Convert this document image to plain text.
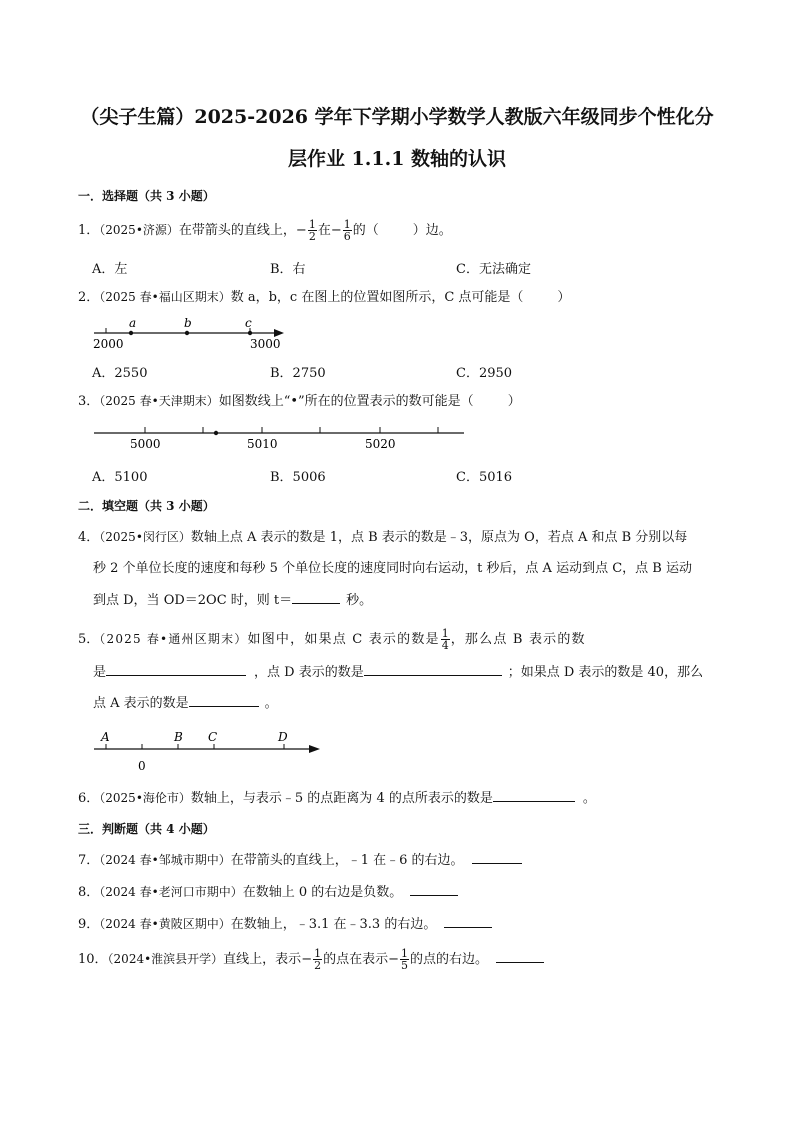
（尖子生篇）2025-2026 学年下学期小学数学人教版六年级同步个性化分
层作业 1.1.1 数轴的认识
一．选择题（共 3 小题）
1．（2025•济源）在带箭头的直线上，− $\frac{1}{2}$ 在− $\frac{1}{6}$ 的（	）边。
A．左	B．右	C．无法确定
2．（2025 春•福山区期末）数 a，b，c 在图上的位置如图所示，C 点可能是（	）
a	b	c
2000	3000
A．2550	B．2750	C．2950
3．（2025 春•天津期末）如图数线上“•”所在的位置表示的数可能是（	）
5000	5010	5020
A．5100	B．5006	C．5016
二．填空题（共 3 小题）
4．（2025•闵行区）数轴上点 A 表示的数是 1，点 B 表示的数是﹣3，原点为 O，若点 A 和点 B 分别以每
秒 2 个单位长度的速度和每秒 5 个单位长度的速度同时向右运动，t 秒后，点 A 运动到点 C，点 B 运动
到点 D，当 OD＝2OC 时，则 t＝	秒。
5．（2025 春•通州区期末）如图中，如果点 C 表示的数是 $\frac{1}{4}$ ，那么点 B 表示的数
是	，点 D 表示的数是	；如果点 D 表示的数是 40，那么
点 A 表示的数是	。
A	B C	D
0
6．（2025•海伦市）数轴上，与表示﹣5 的点距离为 4 的点所表示的数是	。
三．判断题（共 4 小题）
7．（2024 春•邹城市期中）在带箭头的直线上，﹣1 在﹣6 的右边。
8．（2024 春•老河口市期中）在数轴上 0 的右边是负数。
9．（2024 春•黄陂区期中）在数轴上，﹣3.1 在﹣3.3 的右边。
10．（2024•淮滨县开学）直线上，表示− $\frac{1}{2}$ 的点在表示− $\frac{1}{5}$ 的点的右边。
